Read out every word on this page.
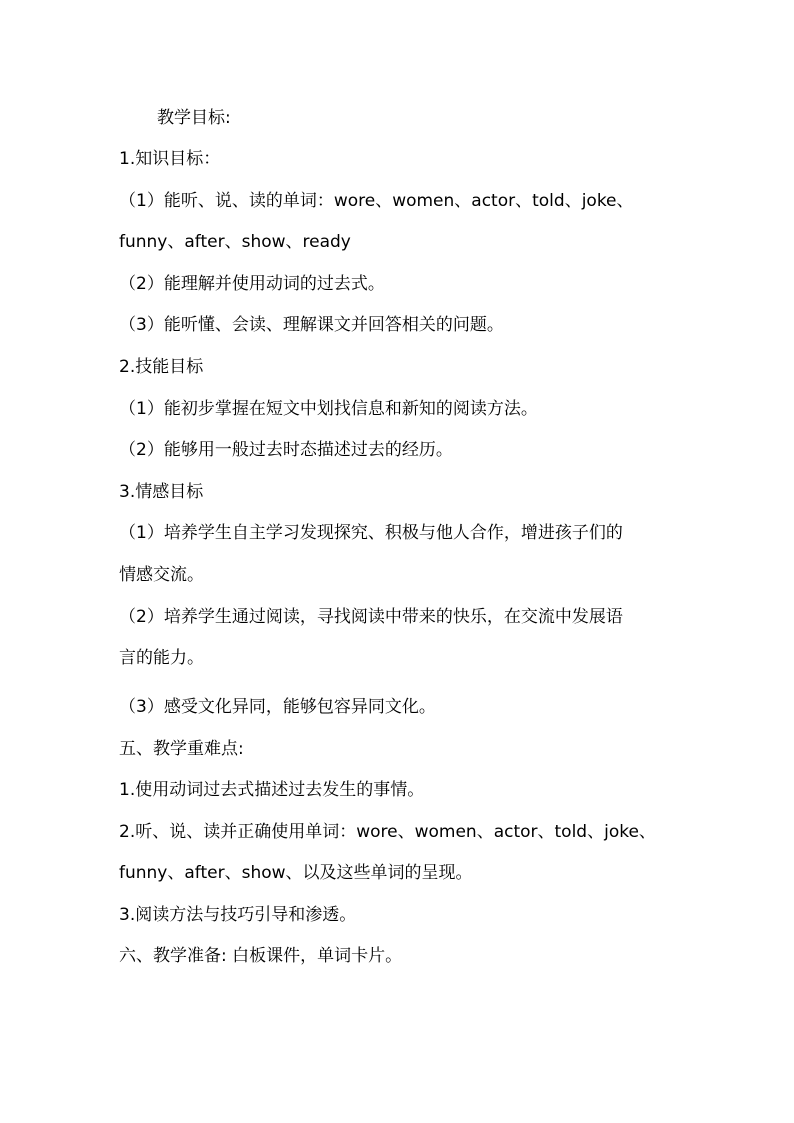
教学目标:
1.知识目标：
（1）能听、说、读的单词：wore、women、actor、told、joke、
funny、after、show、ready
（2）能理解并使用动词的过去式。
（3）能听懂、会读、理解课文并回答相关的问题。
2.技能目标
（1）能初步掌握在短文中划找信息和新知的阅读方法。
（2）能够用一般过去时态描述过去的经历。
3.情感目标
（1）培养学生自主学习发现探究、积极与他人合作，增进孩子们的
情感交流。
（2）培养学生通过阅读，寻找阅读中带来的快乐，在交流中发展语
言的能力。
（3）感受文化异同，能够包容异同文化。
五、教学重难点:
1.使用动词过去式描述过去发生的事情。
2.听、说、读并正确使用单词：wore、women、actor、told、joke、
funny、after、show、以及这些单词的呈现。
3.阅读方法与技巧引导和渗透。
六、教学准备: 白板课件，单词卡片。
